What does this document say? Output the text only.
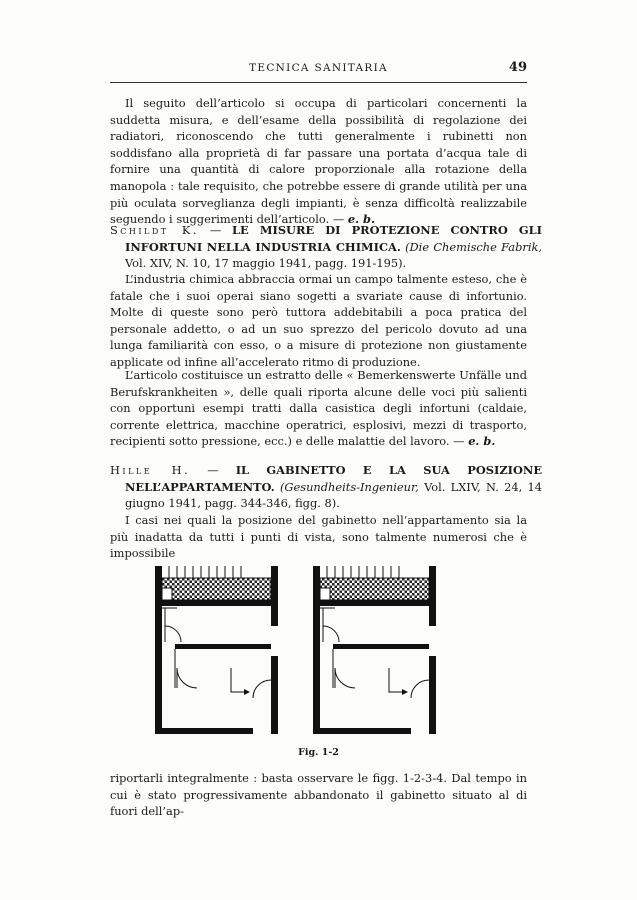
TECNICA SANITARIA	49

Il seguito dell’articolo si occupa di particolari concernenti la suddetta misura, e dell’esame della possibilità di regolazione dei radiatori, riconoscendo che tutti generalmente i rubinetti non soddisfano alla proprietà di far passare una portata d’acqua tale di fornire una quantità di calore proporzionale alla rotazione della manopola : tale requisito, che potrebbe essere di grande utilità per una più oculata sorveglianza degli impianti, è senza difficoltà realizzabile seguendo i suggerimenti dell’articolo. — e. b.

Schildt K. — LE MISURE DI PROTEZIONE CONTRO GLI INFORTUNI NELLA INDUSTRIA CHIMICA. (Die Chemische Fabrik, Vol. XIV, N. 10, 17 maggio 1941, pagg. 191-195).

L’industria chimica abbraccia ormai un campo talmente esteso, che è fatale che i suoi operai siano sogetti a svariate cause di infortunio. Molte di queste sono però tuttora addebitabili a poca pratica del personale addetto, o ad un suo sprezzo del pericolo dovuto ad una lunga familiarità con esso, o a misure di protezione non giustamente applicate od infine all’accelerato ritmo di produzione.

L’articolo costituisce un estratto delle « Bemerkenswerte Unfälle und Berufskrankheiten », delle quali riporta alcune delle voci più salienti con opportuni esempi tratti dalla casistica degli infortuni (caldaie, corrente elettrica, macchine operatrici, esplosivi, mezzi di trasporto, recipienti sotto pressione, ecc.) e delle malattie del lavoro. — e. b.

Hille H. — IL GABINETTO E LA SUA POSIZIONE NELL’APPARTAMENTO. (Gesundheits-Ingenieur, Vol. LXIV, N. 24, 14 giugno 1941, pagg. 344-346, figg. 8).

I casi nei quali la posizione del gabinetto nell’appartamento sia la più inadatta da tutti i punti di vista, sono talmente numerosi che è impossibile

Fig. 1-2

riportarli integralmente : basta osservare le figg. 1-2-3-4. Dal tempo in cui è stato progressivamente abbandonato il gabinetto situato al di fuori dell’ap-
